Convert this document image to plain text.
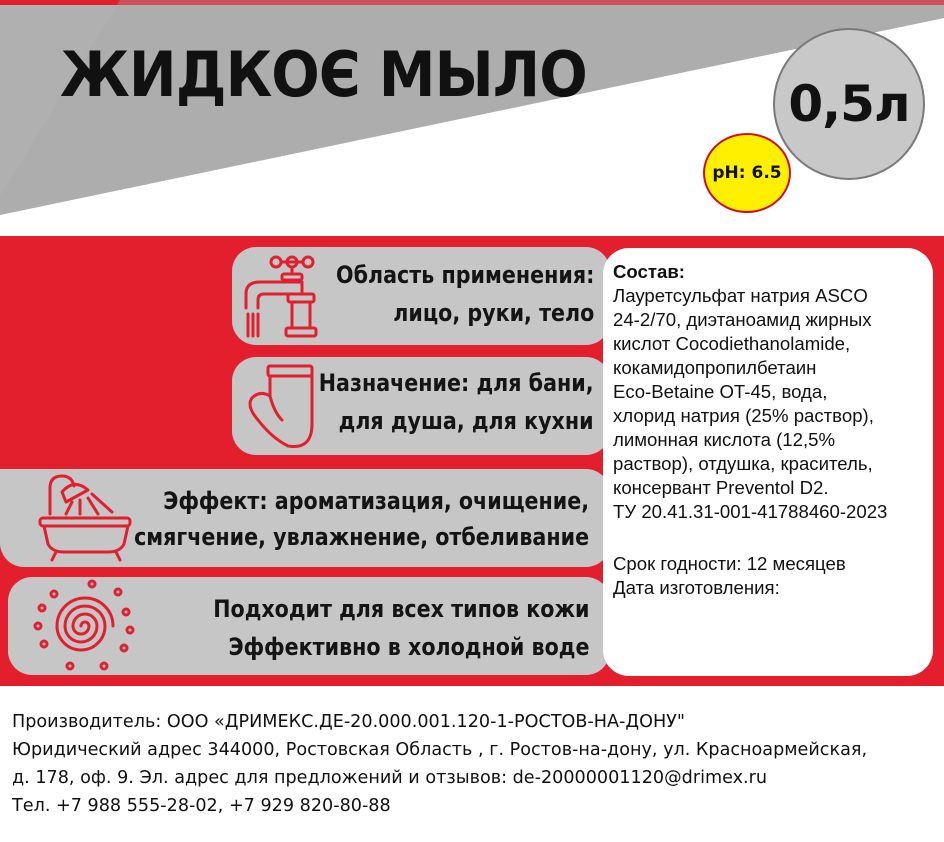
ЖИДКОЄ МЫЛО	0,5л
pH: 6.5
Область применения:
лицо, руки, тело
Назначение: для бани,
для душа, для кухни
Эффект: ароматизация, очищение,
смягчение, увлажнение, отбеливание
Подходит для всех типов кожи
Эффективно в холодной воде
Состав:
Лауретсульфат натрия ASCO
24-2/70, диэтаноамид жирных
кислот Cocodiethanolamide,
кокамидопропилбетаин
Eco-Betaine OT-45, вода,
хлорид натрия (25% раствор),
лимонная кислота (12,5%
раствор), отдушка, краситель,
консервант Preventol D2.
ТУ 20.41.31-001-41788460-2023
Срок годности: 12 месяцев
Дата изготовления:
Производитель: ООО «ДРИМЕКС.ДЕ-20.000.001.120-1-РОСТОВ-НА-ДОНУ"
Юридический адрес 344000, Ростовская Область , г. Ростов-на-дону, ул. Красноармейская,
д. 178, оф. 9. Эл. адрес для предложений и отзывов: de-20000001120@drimex.ru
Тел. +7 988 555-28-02, +7 929 820-80-88
